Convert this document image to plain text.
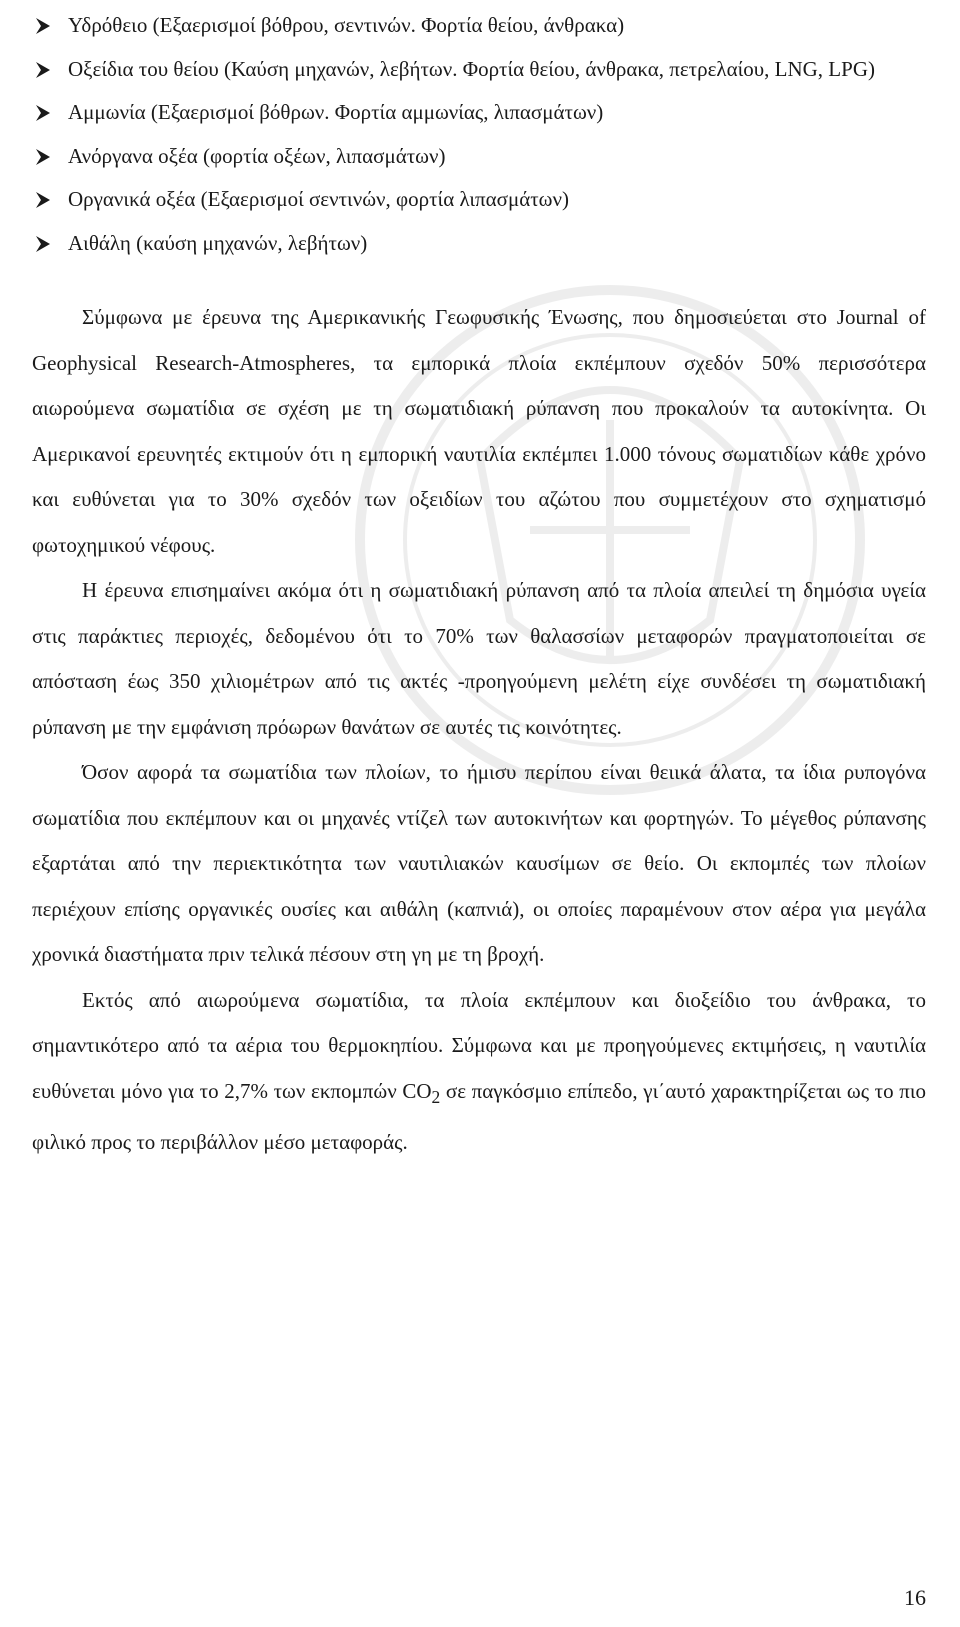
Υδρόθειο (Εξαερισμοί βόθρου, σεντινών. Φορτία θείου, άνθρακα)
Οξείδια του θείου (Καύση μηχανών, λεβήτων. Φορτία θείου, άνθρακα, πετρελαίου, LNG, LPG)
Αμμωνία (Εξαερισμοί βόθρων. Φορτία αμμωνίας, λιπασμάτων)
Ανόργανα οξέα (φορτία οξέων, λιπασμάτων)
Οργανικά οξέα (Εξαερισμοί σεντινών, φορτία λιπασμάτων)
Αιθάλη (καύση μηχανών, λεβήτων)

Σύμφωνα με έρευνα της Αμερικανικής Γεωφυσικής Ένωσης, που δημοσιεύεται στο Journal of Geophysical Research-Atmospheres, τα εμπορικά πλοία εκπέμπουν σχεδόν 50% περισσότερα αιωρούμενα σωματίδια σε σχέση με τη σωματιδιακή ρύπανση που προκαλούν τα αυτοκίνητα. Οι Αμερικανοί ερευνητές εκτιμούν ότι η εμπορική ναυτιλία εκπέμπει 1.000 τόνους σωματιδίων κάθε χρόνο και ευθύνεται για το 30% σχεδόν των οξειδίων του αζώτου που συμμετέχουν στο σχηματισμό φωτοχημικού νέφους.

Η έρευνα επισημαίνει ακόμα ότι η σωματιδιακή ρύπανση από τα πλοία απειλεί τη δημόσια υγεία στις παράκτιες περιοχές, δεδομένου ότι το 70% των θαλασσίων μεταφορών πραγματοποιείται σε απόσταση έως 350 χιλιομέτρων από τις ακτές -προηγούμενη μελέτη είχε συνδέσει τη σωματιδιακή ρύπανση με την εμφάνιση πρόωρων θανάτων σε αυτές τις κοινότητες.

Όσον αφορά τα σωματίδια των πλοίων, το ήμισυ περίπου είναι θειικά άλατα, τα ίδια ρυπογόνα σωματίδια που εκπέμπουν και οι μηχανές ντίζελ των αυτοκινήτων και φορτηγών. Το μέγεθος ρύπανσης εξαρτάται από την περιεκτικότητα των ναυτιλιακών καυσίμων σε θείο. Οι εκπομπές των πλοίων περιέχουν επίσης οργανικές ουσίες και αιθάλη (καπνιά), οι οποίες παραμένουν στον αέρα για μεγάλα χρονικά διαστήματα πριν τελικά πέσουν στη γη με τη βροχή.

Εκτός από αιωρούμενα σωματίδια, τα πλοία εκπέμπουν και διοξείδιο του άνθρακα, το σημαντικότερο από τα αέρια του θερμοκηπίου. Σύμφωνα και με προηγούμενες εκτιμήσεις, η ναυτιλία ευθύνεται μόνο για το 2,7% των εκπομπών $CO_2$ σε παγκόσμιο επίπεδο, γι΄αυτό χαρακτηρίζεται ως το πιο φιλικό προς το περιβάλλον μέσο μεταφοράς.

16
